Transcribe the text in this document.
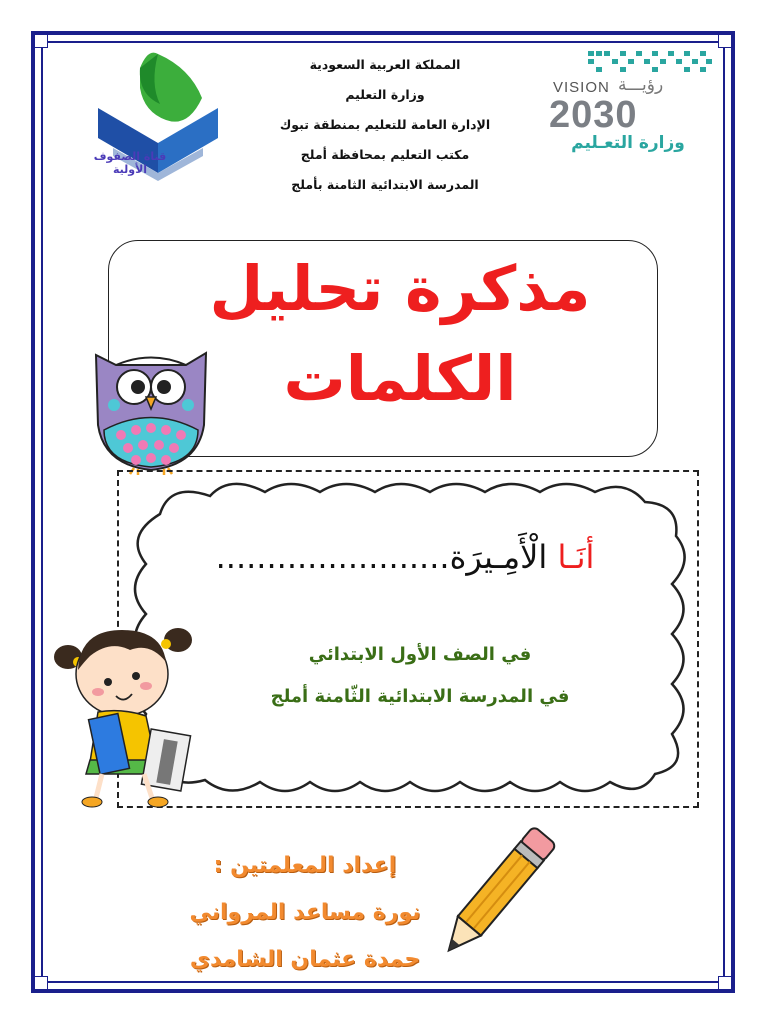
قناة الصفوف الأولية
VISION رؤيـــة
2030
وزارة التعـليم
المملكة العربية السعودية
وزارة التعليم
الإدارة العامة للتعليم بمنطقة تبوك
مكتب التعليم بمحافظة أملج
المدرسة الابتدائية الثامنة بأملج
مذكرة تحليل
الكلمات
أنَـا الْأَمِـيرَة.......................
في الصف الأول الابتدائي
في المدرسة الابتدائية الثّامنة أملج
إعداد المعلمتين :
نورة مساعد المرواني
حمدة عثمان الشامدي
